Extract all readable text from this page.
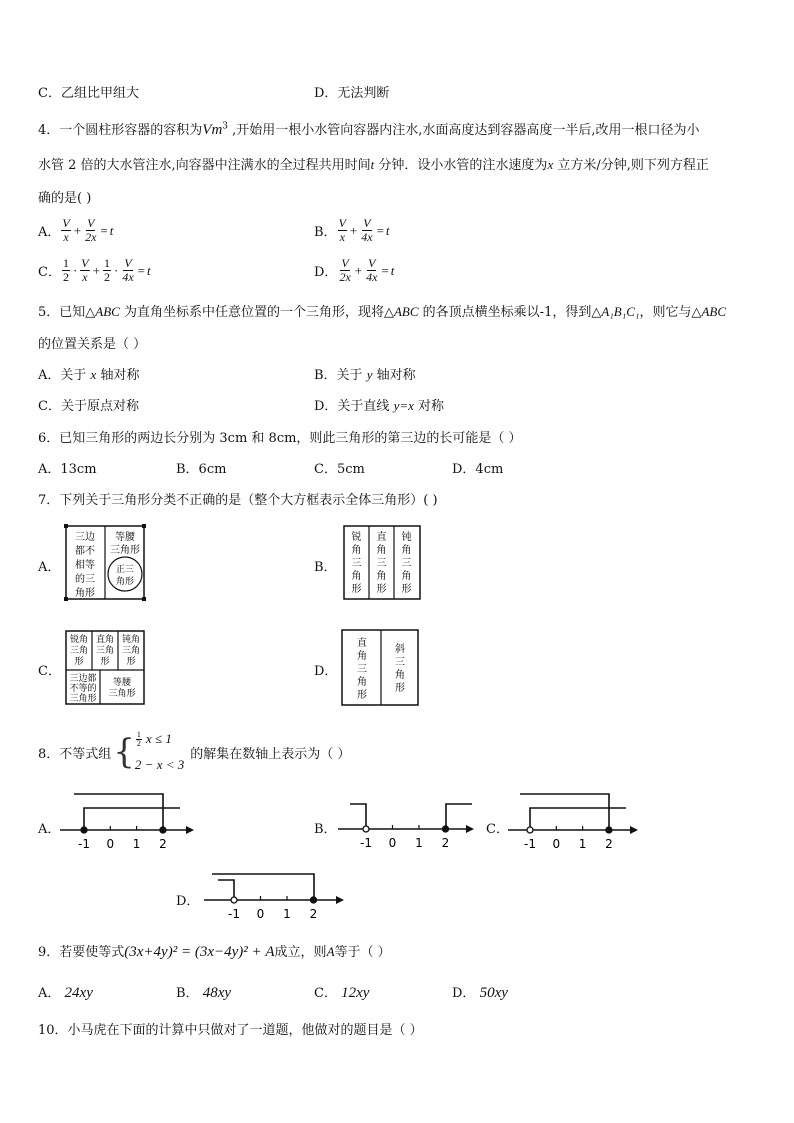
C．乙组比甲组大	D．无法判断
4．一个圆柱形容器的容积为Vm$^3$ ,开始用一根小水管向容器内注水,水面高度达到容器高度一半后,改用一根口径为小
水管 2 倍的大水管注水,向容器中注满水的全过程共用时间t 分钟．设小水管的注水速度为x 立方米/分钟,则下列方程正
确的是( )
A． $\frac{V}{x} + \frac{V}{2x} = t$	B． $\frac{V}{x} + \frac{V}{4x} = t$
C． $\frac{1}{2} \cdot \frac{V}{x} + \frac{1}{2} \cdot \frac{V}{4x} = t$	D． $\frac{V}{2x} + \frac{V}{4x} = t$
5．已知△ABC 为直角坐标系中任意位置的一个三角形，现将△ABC 的各顶点横坐标乘以-1，得到△A₁B₁C₁，则它与△ABC
的位置关系是（ ）
A．关于 x 轴对称	B．关于 y 轴对称
C．关于原点对称	D．关于直线 y=x 对称
6．已知三角形的两边长分别为 3cm 和 8cm，则此三角形的第三边的长可能是（ ）
A．13cm	B．6cm	C．5cm	D．4cm
7．下列关于三角形分类不正确的是（整个大方框表示全体三角形）( )
A．
三边
都不
相等
的三
角形
等腰
三角形
正三
角形
B．
锐
角
三
角
形
直
角
三
角
形
钝
角
三
角
形
C．
锐角
三角
形
直角
三角
形
钝角
三角
形
三边都
不等的
三角形
等腰
三角形
D．
直
角
三
角
形
斜
三
角
形
8．不等式组 { $\frac{1}{2}$ x ≤ 1
2 − x < 3
的解集在数轴上表示为（ ）
A．
-1 0 1 2
B．
-1 0 1 2
C．
-1 0 1 2
D．
-1 0 1 2
9．若要使等式(3x+4y)² = (3x−4y)² + A成立，则A等于（ ）
A． 24xy	B． 48xy	C． 12xy	D． 50xy
10．小马虎在下面的计算中只做对了一道题，他做对的题目是（ ）
